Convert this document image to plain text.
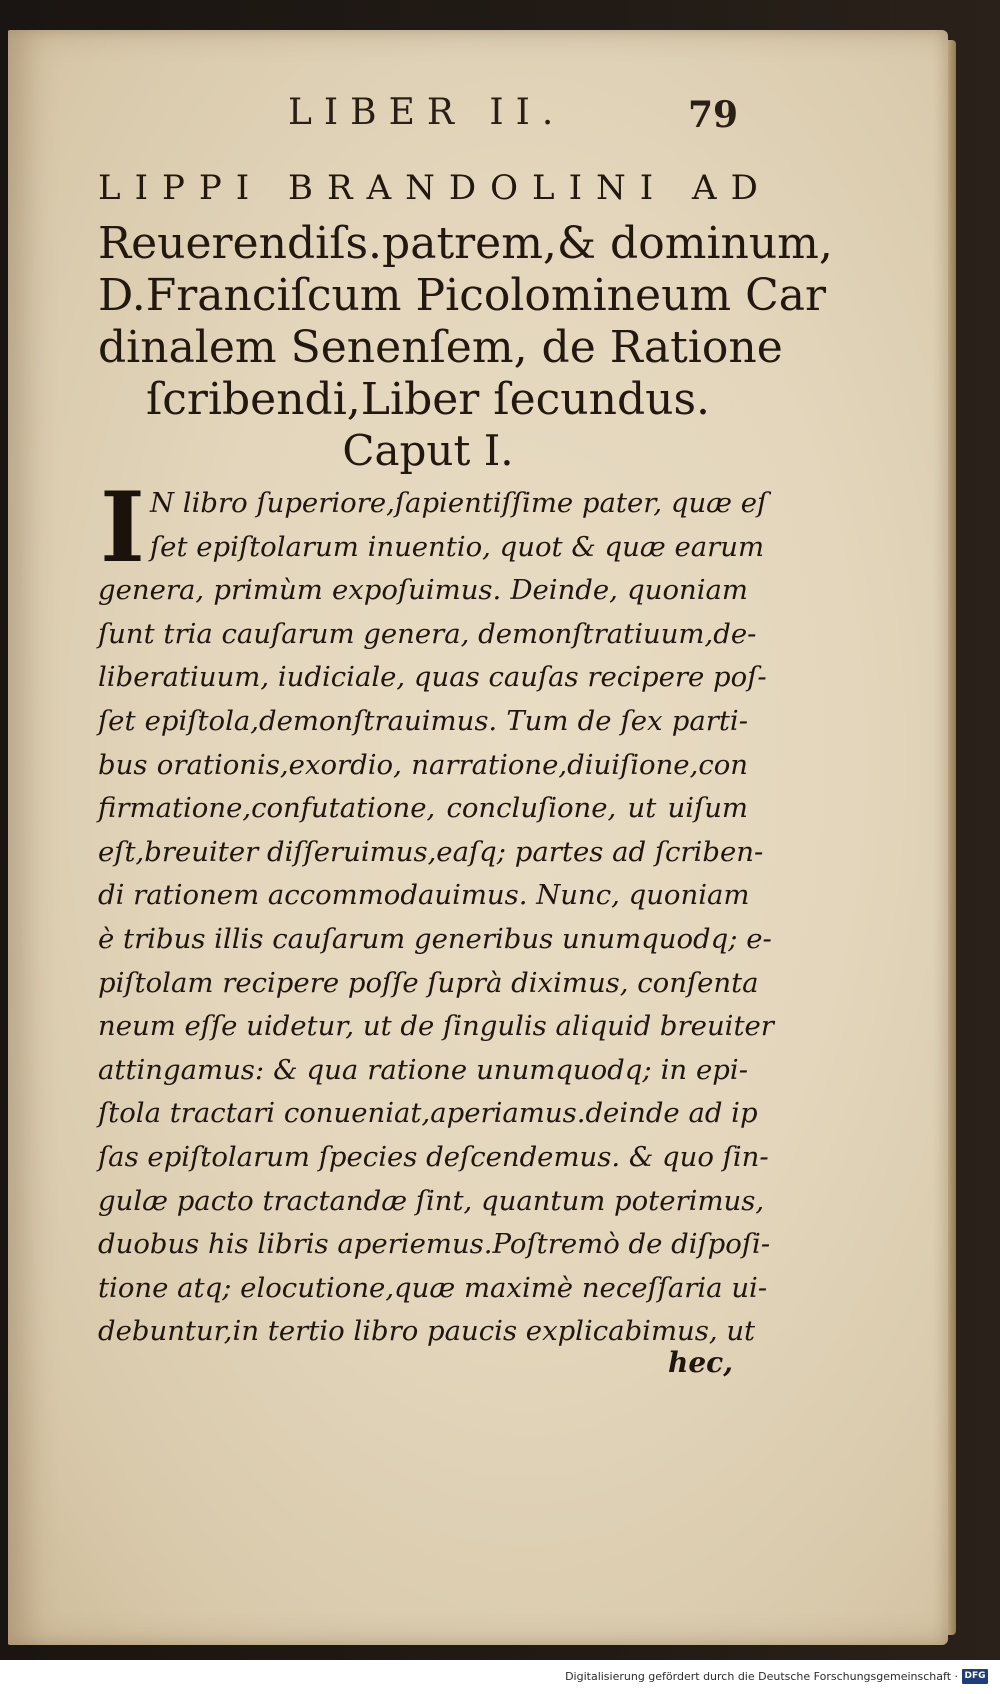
LIBER II.	79
LIPPI BRANDOLINI AD
Reuerendiſs.patrem,& dominum,
D.Franciſcum Picolomineum Car
dinalem Senenſem, de Ratione
ſcribendi,Liber ſecundus.
Caput I.
I N libro ſuperiore,ſapientiſſime pater, quæ eſ
ſet epiſtolarum inuentio, quot & quæ earum
genera, primùm expoſuimus. Deinde, quoniam
ſunt tria cauſarum genera, demonſtratiuum,de-
liberatiuum, iudiciale, quas cauſas recipere poſ-
ſet epiſtola,demonſtrauimus. Tum de ſex parti-
bus orationis,exordio, narratione,diuiſione,con
firmatione,confutatione, concluſione, ut uiſum
eſt,breuiter diſſeruimus,eaſq; partes ad ſcriben-
di rationem accommodauimus. Nunc, quoniam
è tribus illis cauſarum generibus unumquodq; e-
piſtolam recipere poſſe ſuprà diximus, conſenta
neum eſſe uidetur, ut de ſingulis aliquid breuiter
attingamus: & qua ratione unumquodq; in epi-
ſtola tractari conueniat,aperiamus.deinde ad ip
ſas epiſtolarum ſpecies deſcendemus. & quo ſin-
gulæ pacto tractandæ ſint, quantum poterimus,
duobus his libris aperiemus.Poſtremò de diſpoſi-
tione atq; elocutione,quæ maximè neceſſaria ui-
debuntur,in tertio libro paucis explicabimus, ut
hec,
Digitalisierung gefördert durch die Deutsche Forschungsgemeinschaft · DFG
